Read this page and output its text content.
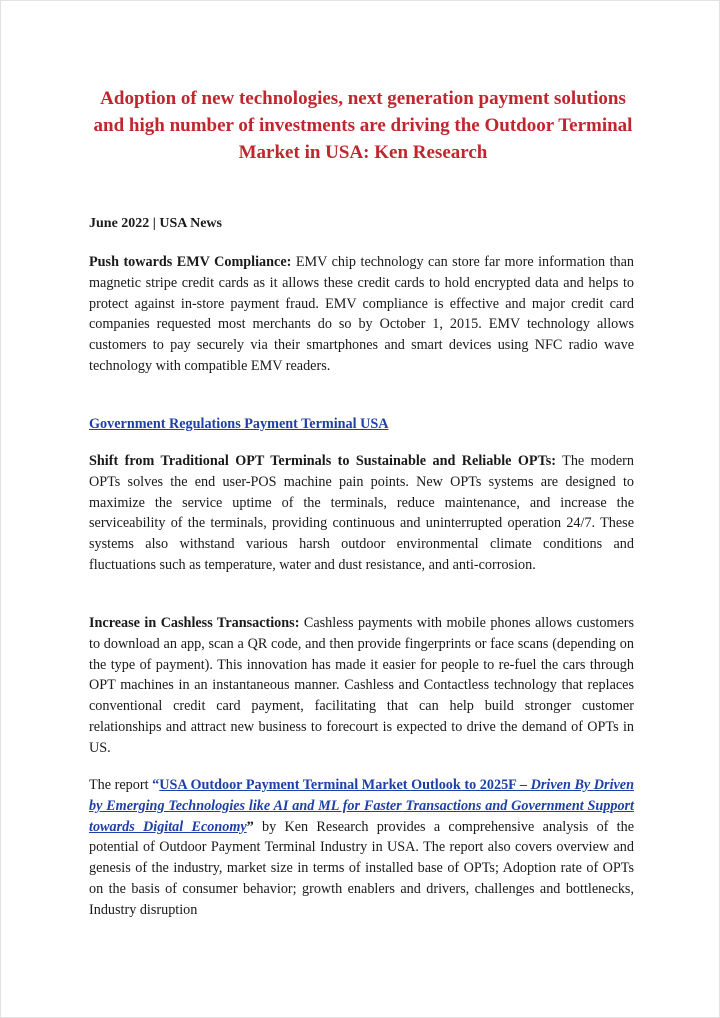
Adoption of new technologies, next generation payment solutions and high number of investments are driving the Outdoor Terminal Market in USA: Ken Research
June 2022 | USA News
Push towards EMV Compliance: EMV chip technology can store far more information than magnetic stripe credit cards as it allows these credit cards to hold encrypted data and helps to protect against in-store payment fraud. EMV compliance is effective and major credit card companies requested most merchants do so by October 1, 2015. EMV technology allows customers to pay securely via their smartphones and smart devices using NFC radio wave technology with compatible EMV readers.
Government Regulations Payment Terminal USA
Shift from Traditional OPT Terminals to Sustainable and Reliable OPTs: The modern OPTs solves the end user-POS machine pain points. New OPTs systems are designed to maximize the service uptime of the terminals, reduce maintenance, and increase the serviceability of the terminals, providing continuous and uninterrupted operation 24/7. These systems also withstand various harsh outdoor environmental climate conditions and fluctuations such as temperature, water and dust resistance, and anti-corrosion.
Increase in Cashless Transactions: Cashless payments with mobile phones allows customers to download an app, scan a QR code, and then provide fingerprints or face scans (depending on the type of payment). This innovation has made it easier for people to re-fuel the cars through OPT machines in an instantaneous manner. Cashless and Contactless technology that replaces conventional credit card payment, facilitating that can help build stronger customer relationships and attract new business to forecourt is expected to drive the demand of OPTs in US.
The report “USA Outdoor Payment Terminal Market Outlook to 2025F – Driven By Driven by Emerging Technologies like AI and ML for Faster Transactions and Government Support towards Digital Economy” by Ken Research provides a comprehensive analysis of the potential of Outdoor Payment Terminal Industry in USA. The report also covers overview and genesis of the industry, market size in terms of installed base of OPTs; Adoption rate of OPTs on the basis of consumer behavior; growth enablers and drivers, challenges and bottlenecks, Industry disruption
